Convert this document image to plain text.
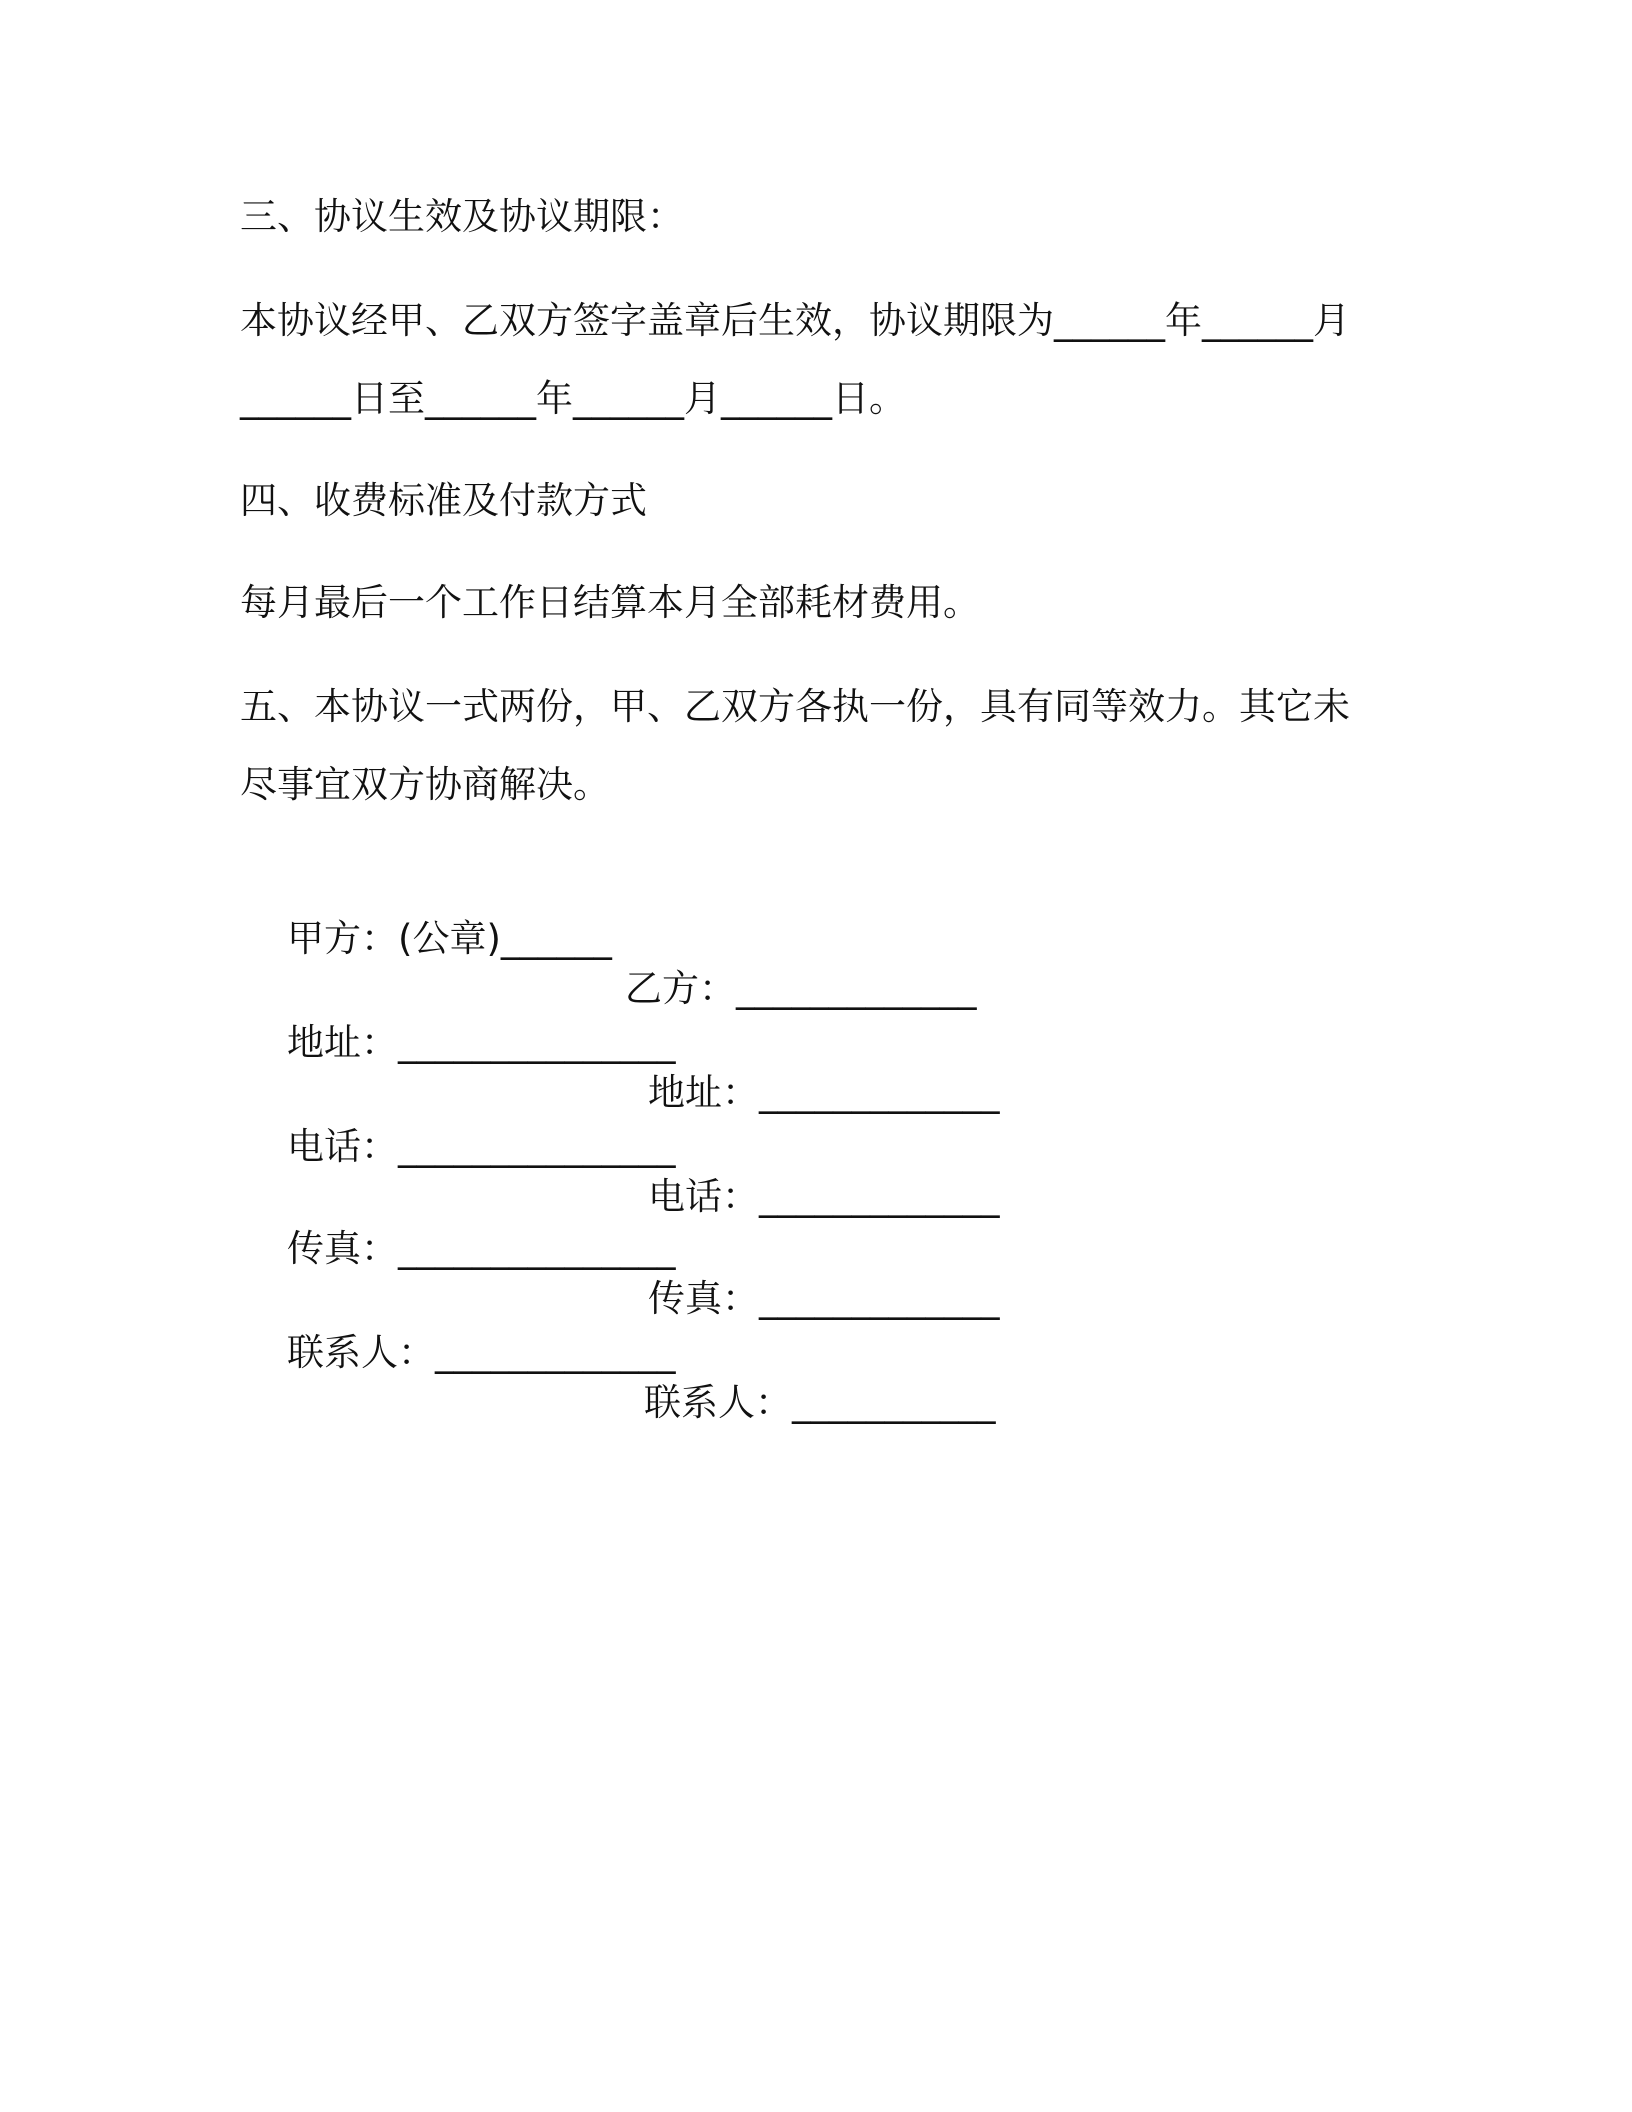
三、协议生效及协议期限：
本协议经甲、乙双方签字盖章后生效，协议期限为______年______月
______日至______年______月______日。
四、收费标准及付款方式
每月最后一个工作日结算本月全部耗材费用。
五、本协议一式两份，甲、乙双方各执一份，具有同等效力。其它未
尽事宜双方协商解决。

甲方：(公章)______

乙方：_____________

地址：_______________

地址：_____________

电话：_______________

电话：_____________

传真：_______________

传真：_____________

联系人：_____________

联系人：___________
